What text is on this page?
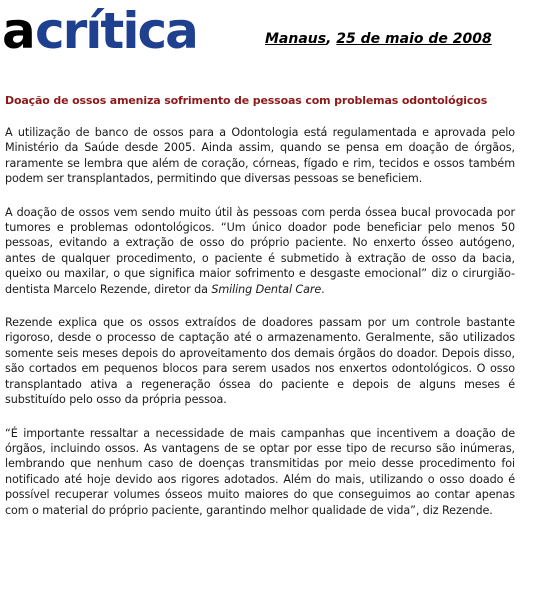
a crítica	Manaus, 25 de maio de 2008
Doação de ossos ameniza sofrimento de pessoas com problemas odontológicos

A utilização de banco de ossos para a Odontologia está regulamentada e aprovada pelo Ministério da Saúde desde 2005. Ainda assim, quando se pensa em doação de órgãos, raramente se lembra que além de coração, córneas, fígado e rim, tecidos e ossos também podem ser transplantados, permitindo que diversas pessoas se beneficiem.

A doação de ossos vem sendo muito útil às pessoas com perda óssea bucal provocada por tumores e problemas odontológicos. “Um único doador pode beneficiar pelo menos 50 pessoas, evitando a extração de osso do próprio paciente. No enxerto ósseo autógeno, antes de qualquer procedimento, o paciente é submetido à extração de osso da bacia, queixo ou maxilar, o que significa maior sofrimento e desgaste emocional” diz o cirurgião-dentista Marcelo Rezende, diretor da Smiling Dental Care.

Rezende explica que os ossos extraídos de doadores passam por um controle bastante rigoroso, desde o processo de captação até o armazenamento. Geralmente, são utilizados somente seis meses depois do aproveitamento dos demais órgãos do doador. Depois disso, são cortados em pequenos blocos para serem usados nos enxertos odontológicos. O osso transplantado ativa a regeneração óssea do paciente e depois de alguns meses é substituído pelo osso da própria pessoa.

“É importante ressaltar a necessidade de mais campanhas que incentivem a doação de órgãos, incluindo ossos. As vantagens de se optar por esse tipo de recurso são inúmeras, lembrando que nenhum caso de doenças transmitidas por meio desse procedimento foi notificado até hoje devido aos rigores adotados. Além do mais, utilizando o osso doado é possível recuperar volumes ósseos muito maiores do que conseguimos ao contar apenas com o material do próprio paciente, garantindo melhor qualidade de vida”, diz Rezende.
